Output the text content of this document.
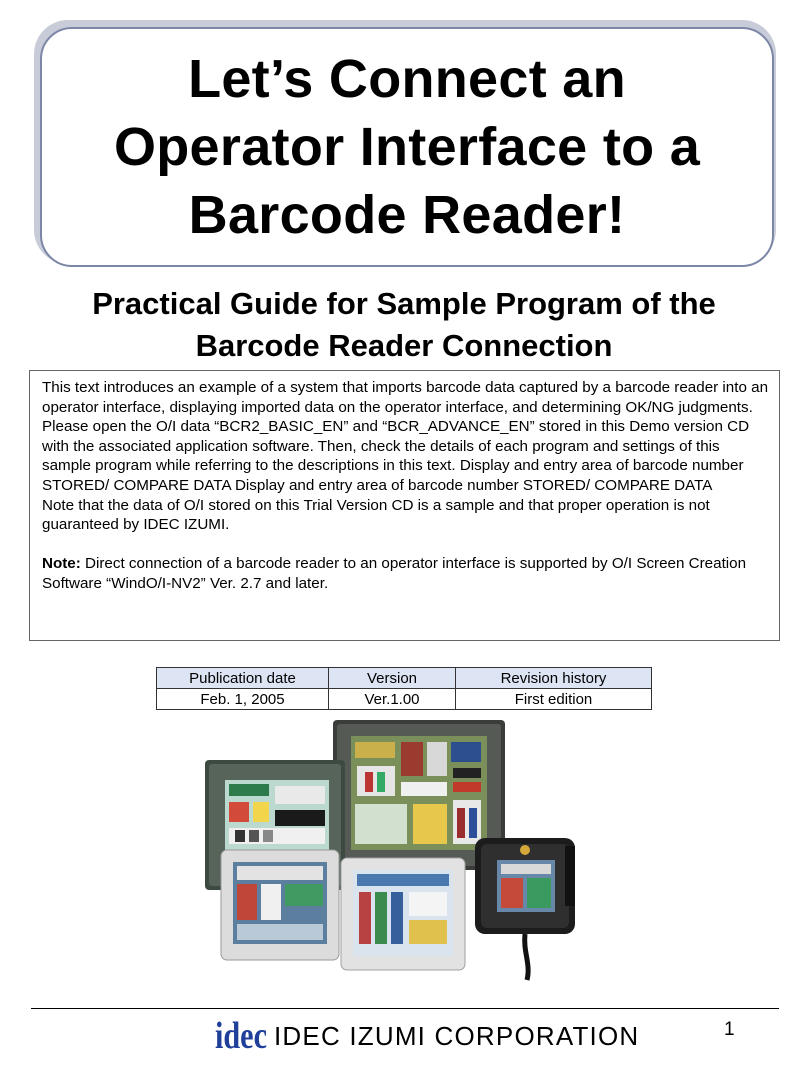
Let’s Connect an
Operator Interface to a
Barcode Reader!
Practical Guide for Sample Program of the
Barcode Reader Connection

This text introduces an example of a system that imports barcode data captured by a barcode reader into an operator interface, displaying imported data on the operator interface, and determining OK/NG judgments.

Please open the O/I data “BCR2_BASIC_EN” and “BCR_ADVANCE_EN” stored in this Demo version CD with the associated application software. Then, check the details of each program and settings of this sample program while referring to the descriptions in this text. Display and entry area of barcode number STORED/ COMPARE DATA Display and entry area of barcode number STORED/ COMPARE DATA

Note that the data of O/I stored on this Trial Version CD is a sample and that proper operation is not guaranteed by IDEC IZUMI.

Note: Direct connection of a barcode reader to an operator interface is supported by O/I Screen Creation Software “WindO/I-NV2” Ver. 2.7 and later.

Publication date	Version	Revision history
Feb. 1, 2005	Ver.1.00	First edition
idec IDEC IZUMI CORPORATION	1
